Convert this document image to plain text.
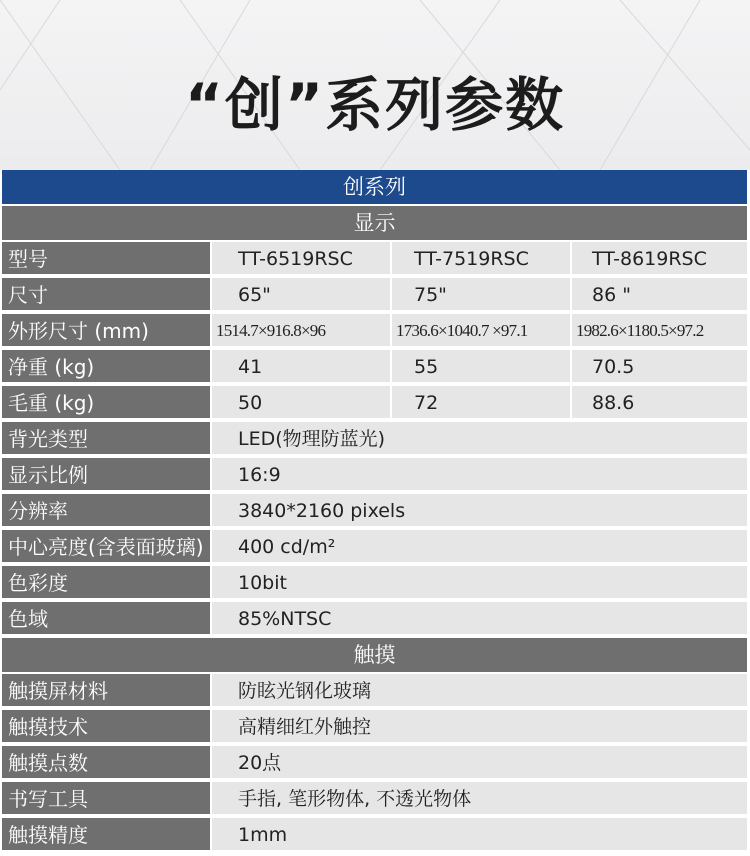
“创”系列参数
创系列
显示
型号	TT-6519RSC	TT-7519RSC	TT-8619RSC
尺寸	65"	75"	86 "
外形尺寸 (mm)	1514.7×916.8×96	1736.6×1040.7 ×97.1	1982.6×1180.5×97.2
净重 (kg)	41	55	70.5
毛重 (kg)	50	72	88.6
背光类型	LED(物理防蓝光)
显示比例	16:9
分辨率	3840*2160 pixels
中心亮度(含表面玻璃)	400 cd/m²
色彩度	10bit
色域	85%NTSC
触摸
触摸屏材料	防眩光钢化玻璃
触摸技术	高精细红外触控
触摸点数	20点
书写工具	手指, 笔形物体, 不透光物体
触摸精度	1mm
